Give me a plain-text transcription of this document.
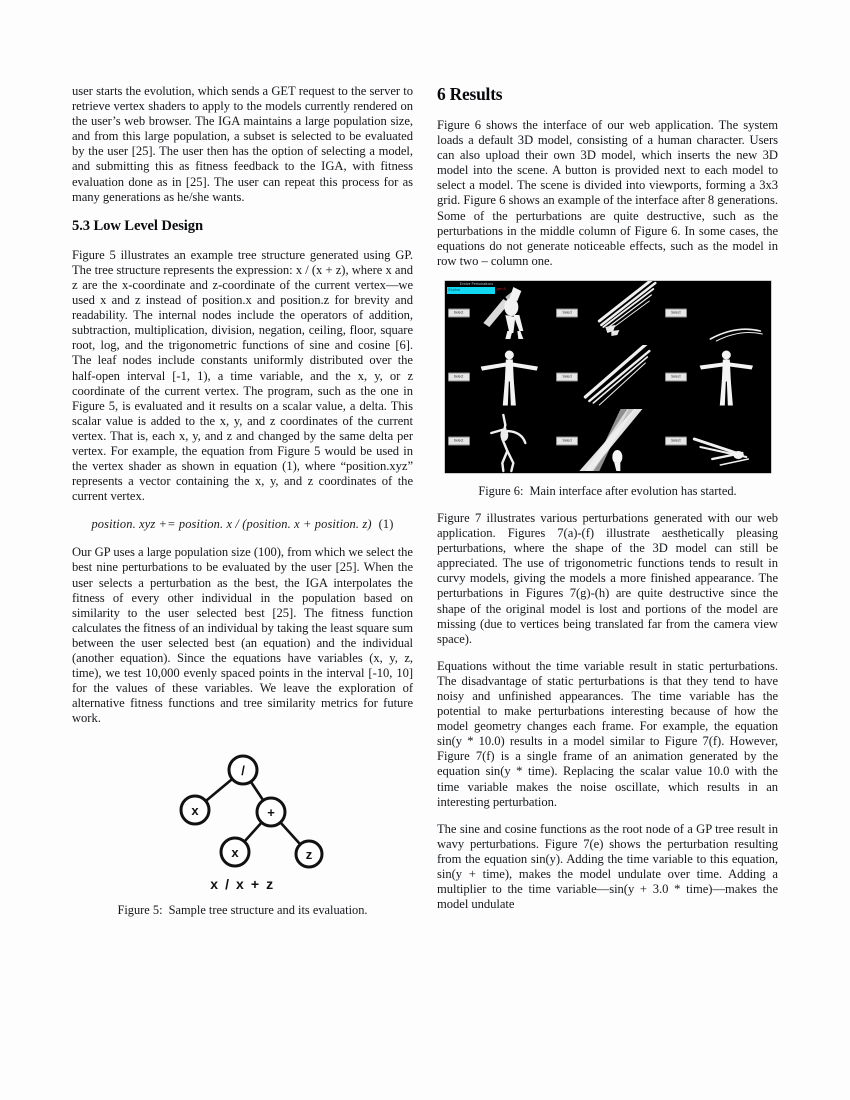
user starts the evolution, which sends a GET request to the server to retrieve vertex shaders to apply to the models currently rendered on the user’s web browser. The IGA maintains a large population size, and from this large population, a subset is selected to be evaluated by the user [25]. The user then has the option of selecting a model, and submitting this as fitness feedback to the IGA, with fitness evaluation done as in [25]. The user can repeat this process for as many generations as he/she wants.

5.3 Low Level Design

Figure 5 illustrates an example tree structure generated using GP. The tree structure represents the expression: x / (x + z), where x and z are the x-coordinate and z-coordinate of the current vertex—we used x and z instead of position.x and position.z for brevity and readability. The internal nodes include the operators of addition, subtraction, multiplication, division, negation, ceiling, floor, square root, log, and the trigonometric functions of sine and cosine [6]. The leaf nodes include constants uniformly distributed over the half-open interval [-1, 1), a time variable, and the x, y, or z coordinate of the current vertex. The program, such as the one in Figure 5, is evaluated and it results on a scalar value, a delta. This scalar value is added to the x, y, and z coordinates of the current vertex. That is, each x, y, and z and changed by the same delta per vertex. For example, the equation from Figure 5 would be used in the vertex shader as shown in equation (1), where “position.xyz” represents a vector containing the x, y, and z coordinates of the current vertex.

position. xyz += position. x / (position. x + position. z) (1)

Our GP uses a large population size (100), from which we select the best nine perturbations to be evaluated by the user [25]. When the user selects a perturbation as the best, the IGA interpolates the fitness of every other individual in the population based on similarity to the user selected best [25]. The fitness function calculates the fitness of an individual by taking the least square sum between the user selected best (an equation) and the individual (another equation). Since the equations have variables (x, y, z, time), we test 10,000 evenly spaced points in the interval [-10, 10] for the values of these variables. We leave the exploration of alternative fitness functions and tree similarity metrics for future work.

/
x	+
x	z
x / x + z
Figure 5: Sample tree structure and its evaluation.
6 Results

Figure 6 shows the interface of our web application. The system loads a default 3D model, consisting of a human character. Users can also upload their own 3D model, which inserts the new 3D model into the scene. A button is provided next to each model to select a model. The scene is divided into viewports, forming a 3x3 grid. Figure 6 shows an example of the interface after 8 generations. Some of the perturbations are quite destructive, such as the perturbations in the middle column of Figure 6. In some cases, the equations do not generate noticeable effects, such as the model in row two – column one.

Select	Select	Select
Select	Select	Select
Select	Select	Select
Evolve Perturbations
Evolve	gen 8
Figure 6: Main interface after evolution has started.

Figure 7 illustrates various perturbations generated with our web application. Figures 7(a)-(f) illustrate aesthetically pleasing perturbations, where the shape of the 3D model can still be appreciated. The use of trigonometric functions tends to result in curvy models, giving the models a more finished appearance. The perturbations in Figures 7(g)-(h) are quite destructive since the shape of the original model is lost and portions of the model are missing (due to vertices being translated far from the camera view space).

Equations without the time variable result in static perturbations. The disadvantage of static perturbations is that they tend to have noisy and unfinished appearances. The time variable has the potential to make perturbations interesting because of how the model geometry changes each frame. For example, the equation sin(y * 10.0) results in a model similar to Figure 7(f). However, Figure 7(f) is a single frame of an animation generated by the equation sin(y * time). Replacing the scalar value 10.0 with the time variable makes the noise oscillate, which results in an interesting perturbation.

The sine and cosine functions as the root node of a GP tree result in wavy perturbations. Figure 7(e) shows the perturbation resulting from the equation sin(y). Adding the time variable to this equation, sin(y + time), makes the model undulate over time. Adding a multiplier to the time variable—sin(y + 3.0 * time)—makes the model undulate
